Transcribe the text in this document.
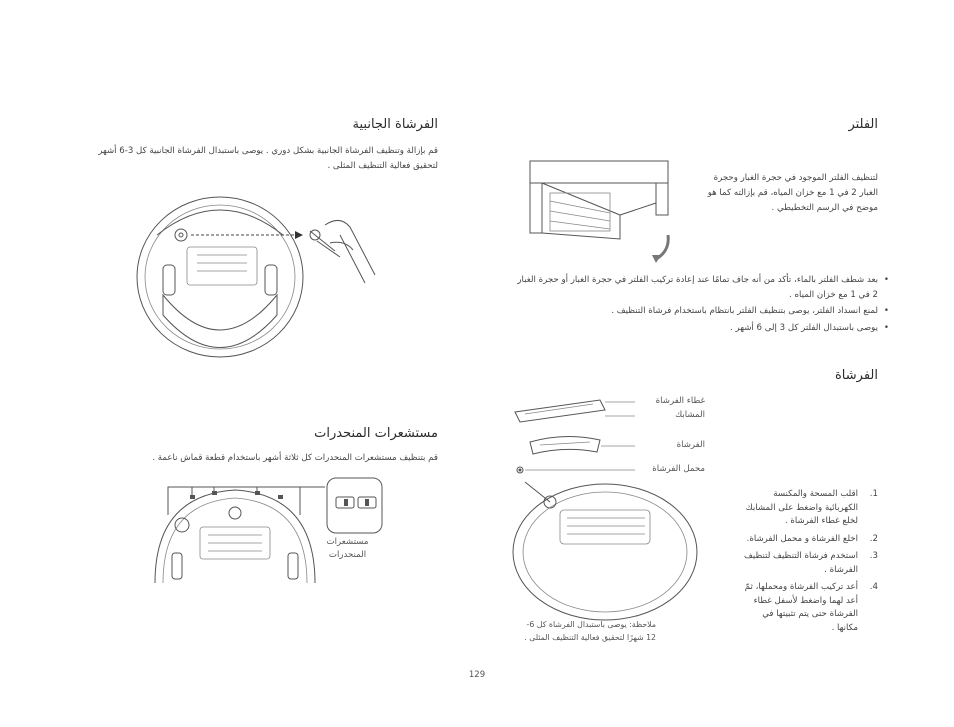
الفرشاة الجانبية

قم بإزالة وتنظيف الفرشاة الجانبية بشكل دوري . يوصى باستبدال الفرشاة الجانبية كل 3-6 أشهر لتحقيق فعالية التنظيف المثلى .

مستشعرات المنحدرات

قم بتنظيف مستشعرات المنحدرات كل ثلاثة أشهر باستخدام قطعة قماش ناعمة .

مستشعرات المنحدرات
الفلتر

لتنظيف الفلتر الموجود في حجرة الغبار وحجرة الغبار 2 في 1 مع خزان المياه، قم بإزالته كما هو موضح في الرسم التخطيطي .

• بعد شطف الفلتر بالماء، تأكد من أنه جاف تمامًا عند إعادة تركيب الفلتر في حجرة الغبار أو حجرة الغبار 2 في 1 مع خزان المياه .
• لمنع انسداد الفلتر، يوصى بتنظيف الفلتر بانتظام باستخدام فرشاة التنظيف .
• يوصى باستبدال الفلتر كل 3 إلى 6 أشهر .
الفرشاة
غطاء الفرشاة
المشابك
الفرشاة
محمل الفرشاة
1.
اقلب المسحة والمكنسة الكهربائية واضغط على المشابك لخلع غطاء الفرشاة .
2.
اخلع الفرشاة و محمل الفرشاة.
3.
استخدم فرشاة التنظيف لتنظيف الفرشاة .
4.
أعد تركيب الفرشاة ومحملها، ثمّ أعد لهما واضغط لأسفل غطاء الفرشاة حتى يتم تثبيتها في مكانها .

ملاحظة: يوصى باستبدال الفرشاة كل 6-12 شهرًا لتحقيق فعالية التنظيف المثلى .

129
